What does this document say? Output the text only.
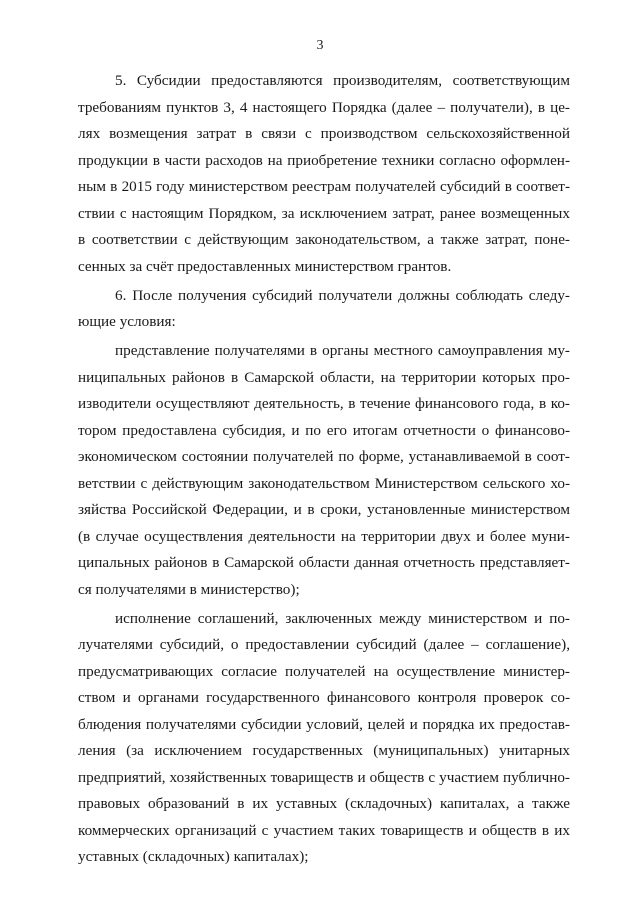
3
5. Субсидии предоставляются производителям, соответствующим
требованиям пунктов 3, 4 настоящего Порядка (далее – получатели), в це-
лях возмещения затрат в связи с производством сельскохозяйственной
продукции в части расходов на приобретение техники согласно оформлен-
ным в 2015 году министерством реестрам получателей субсидий в соответ-
ствии с настоящим Порядком, за исключением затрат, ранее возмещенных
в соответствии с действующим законодательством, а также затрат, поне-
сенных за счёт предоставленных министерством грантов.
6. После получения субсидий получатели должны соблюдать следу-
ющие условия:
представление получателями в органы местного самоуправления му-
ниципальных районов в Самарской области, на территории которых про-
изводители осуществляют деятельность, в течение финансового года, в ко-
тором предоставлена субсидия, и по его итогам отчетности о финансово-
экономическом состоянии получателей по форме, устанавливаемой в соот-
ветствии с действующим законодательством Министерством сельского хо-
зяйства Российской Федерации, и в сроки, установленные министерством
(в случае осуществления деятельности на территории двух и более муни-
ципальных районов в Самарской области данная отчетность представляет-
ся получателями в министерство);
исполнение соглашений, заключенных между министерством и по-
лучателями субсидий, о предоставлении субсидий (далее – соглашение),
предусматривающих согласие получателей на осуществление министер-
ством и органами государственного финансового контроля проверок со-
блюдения получателями субсидии условий, целей и порядка их предостав-
ления (за исключением государственных (муниципальных) унитарных
предприятий, хозяйственных товариществ и обществ с участием публично-
правовых образований в их уставных (складочных) капиталах, а также
коммерческих организаций с участием таких товариществ и обществ в их
уставных (складочных) капиталах);
